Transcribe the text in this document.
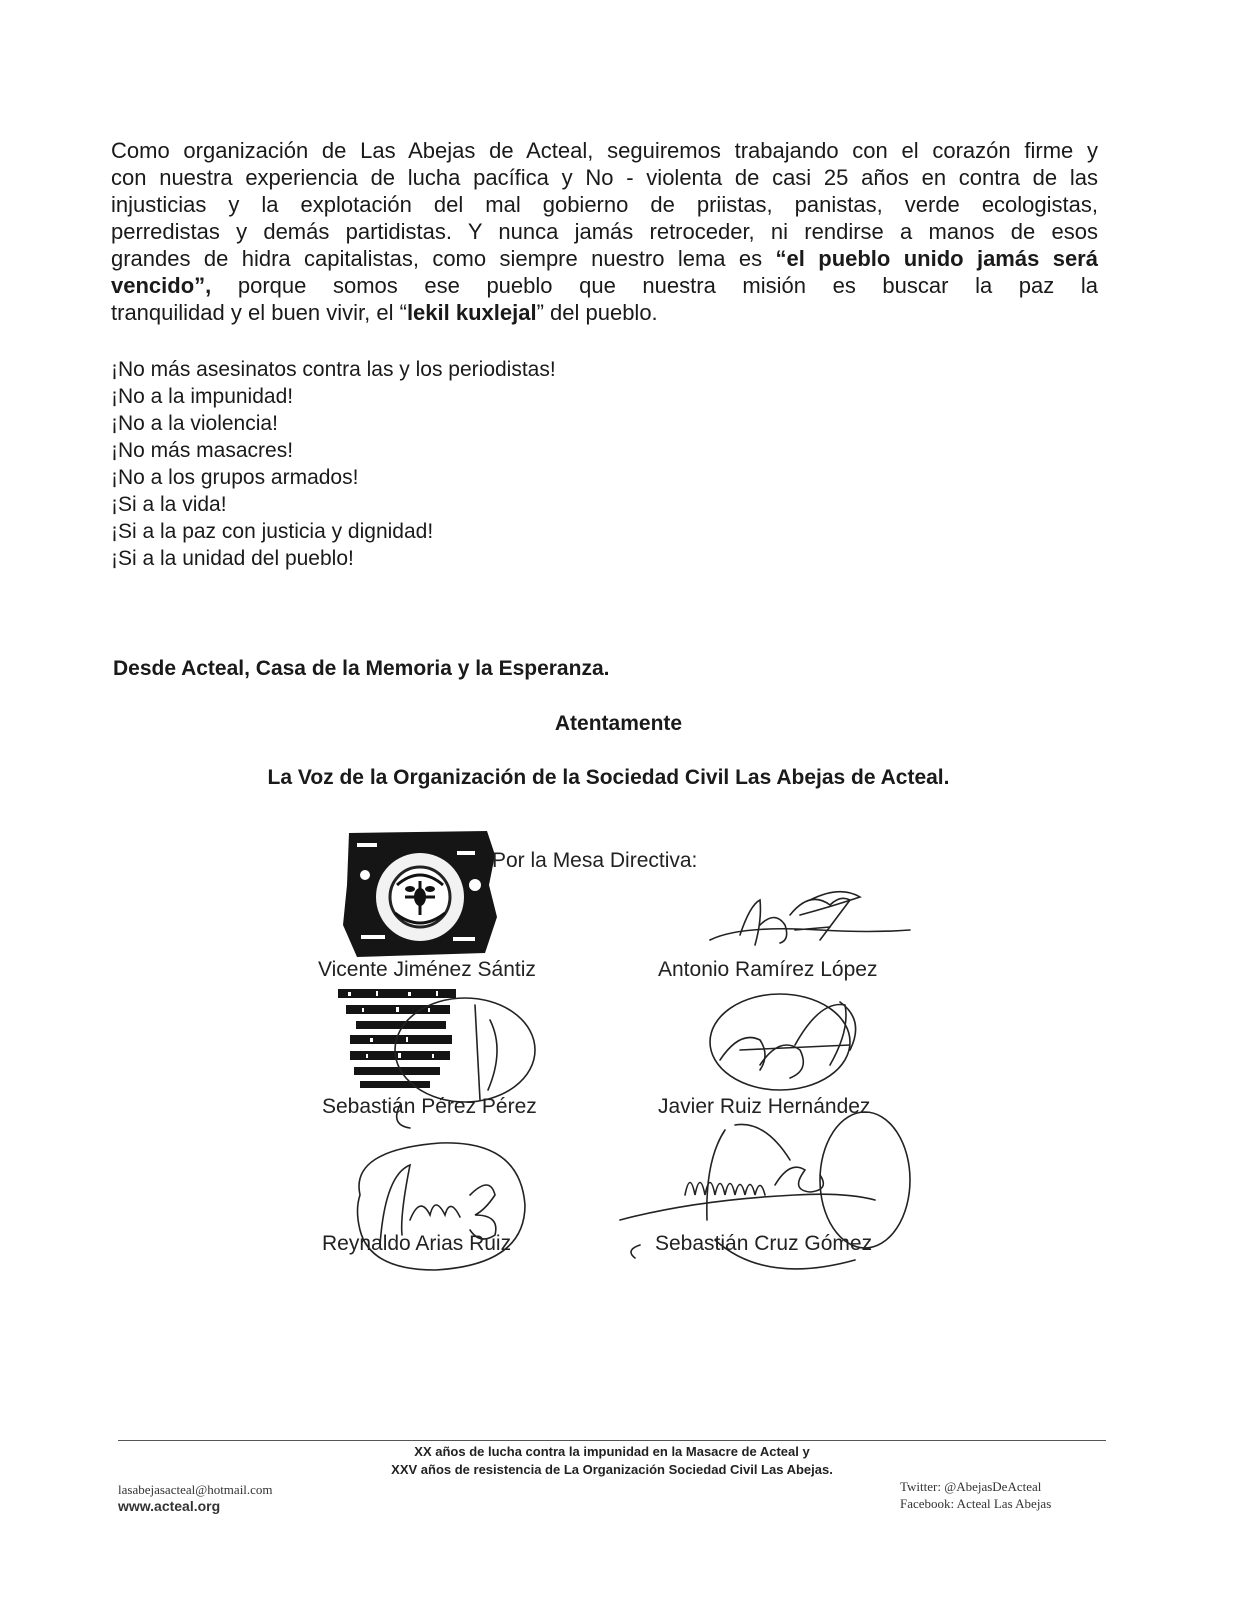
Como organización de Las Abejas de Acteal, seguiremos trabajando con el corazón firme y
con nuestra experiencia de lucha pacífica y No - violenta de casi 25 años en contra de las
injusticias y la explotación del mal gobierno de priistas, panistas, verde ecologistas,
perredistas y demás partidistas. Y nunca jamás retroceder, ni rendirse a manos de esos
grandes de hidra capitalistas, como siempre nuestro lema es “el pueblo unido jamás será
vencido”, porque somos ese pueblo que nuestra misión es buscar la paz la
tranquilidad y el buen vivir, el “lekil kuxlejal” del pueblo.
¡No más asesinatos contra las y los periodistas!
¡No a la impunidad!
¡No a la violencia!
¡No más masacres!
¡No a los grupos armados!
¡Si a la vida!
¡Si a la paz con justicia y dignidad!
¡Si a la unidad del pueblo!
Desde Acteal, Casa de la Memoria y la Esperanza.
Atentamente
La Voz de la Organización de la Sociedad Civil Las Abejas de Acteal.
Por la Mesa Directiva:
Vicente Jiménez Sántiz	Antonio Ramírez López
Sebastián Pérez Pérez	Javier Ruiz Hernández
Reynaldo Arias Ruiz	Sebastián Cruz Gómez
XX años de lucha contra la impunidad en la Masacre de Acteal y
XXV años de resistencia de La Organización Sociedad Civil Las Abejas.
lasabejasacteal@hotmail.com
www.acteal.org
Twitter: @AbejasDeActeal
Facebook: Acteal Las Abejas
